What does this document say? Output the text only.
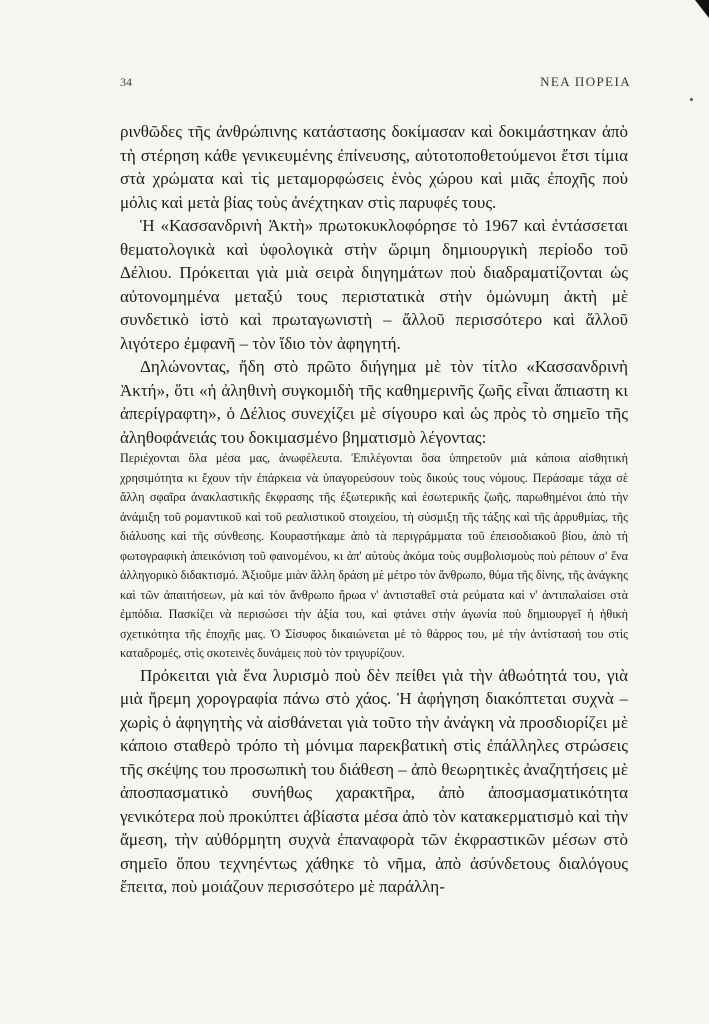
34	ΝΕΑ ΠΟΡΕΙΑ

ρινθῶδες τῆς ἀνθρώπινης κατάστασης δοκίμασαν καὶ δοκιμάστηκαν ἀπὸ τὴ στέρηση κάθε γενικευμένης ἐπίνευσης, αὐτοτοποθετούμενοι ἔτσι τίμια στὰ χρώματα καὶ τὶς μεταμορφώσεις ἑνὸς χώρου καὶ μιᾶς ἐποχῆς ποὺ μόλις καὶ μετὰ βίας τοὺς ἀνέχτηκαν στὶς παρυφές τους.

Ἡ «Κασσανδρινὴ Ἀκτὴ» πρωτοκυκλοφόρησε τὸ 1967 καὶ ἐντάσσεται θεματολογικὰ καὶ ὑφολογικὰ στὴν ὥριμη δημιουργικὴ περίοδο τοῦ Δέλιου. Πρόκειται γιὰ μιὰ σειρὰ διηγημάτων ποὺ διαδραματίζονται ὡς αὐτονομημένα μεταξύ τους περιστατικὰ στὴν ὁμώνυμη ἀκτὴ μὲ συνδετικὸ ἱστὸ καὶ πρωταγωνιστὴ – ἄλλοῦ περισσότερο καὶ ἄλλοῦ λιγότερο ἐμφανῆ – τὸν ἴδιο τὸν ἀφηγητή.

Δηλώνοντας, ἤδη στὸ πρῶτο διήγημα μὲ τὸν τίτλο «Κασσανδρινὴ Ἀκτή», ὅτι «ἡ ἀληθινὴ συγκομιδὴ τῆς καθημερινῆς ζωῆς εἶναι ἄπιαστη κι ἀπερίγραφτη», ὁ Δέλιος συνεχίζει μὲ σίγουρο καὶ ὡς πρὸς τὸ σημεῖο τῆς ἀληθοφάνειάς του δοκιμασμένο βηματισμὸ λέγοντας:

Περιέχονται ὅλα μέσα μας, ἀνωφέλευτα. Ἐπιλέγονται ὅσα ὑπηρετοῦν μιὰ κάποια αἰσθητικὴ χρησιμότητα κι ἔχουν τὴν ἐπάρκεια νὰ ὑπαγορεύσουν τοὺς δικούς τους νόμους. Περάσαμε τάχα σὲ ἄλλη σφαῖρα ἀνακλαστικῆς ἔκφρασης τῆς ἐξωτερικῆς καὶ ἐσωτερικῆς ζωῆς, παρωθημένοι ἀπὸ τὴν ἀνάμιξη τοῦ ρομαντικοῦ καὶ τοῦ ρεαλιστικοῦ στοιχείου, τὴ σύσμιξη τῆς τάξης καὶ τῆς ἀρρυθμίας, τῆς διάλυσης καὶ τῆς σύνθεσης. Κουραστήκαμε ἀπὸ τὰ περιγράμματα τοῦ ἐπεισοδιακοῦ βίου, ἀπὸ τὴ φωτογραφικὴ ἀπεικόνιση τοῦ φαινομένου, κι ἀπ' αὐτοὺς ἀκόμα τοὺς συμβολισμοὺς ποὺ ρέπουν σ' ἕνα ἀλληγορικὸ διδακτισμό. Ἀξιοῦμε μιὰν ἄλλη δράση μὲ μέτρο τὸν ἄνθρωπο, θύμα τῆς δίνης, τῆς ἀνάγκης καὶ τῶν ἀπαιτήσεων, μὰ καὶ τὸν ἄνθρωπο ἥρωα ν' ἀντισταθεῖ στὰ ρεύματα καὶ ν' ἀντιπαλαίσει στὰ ἐμπόδια. Πασκίζει νὰ περισώσει τὴν ἀξία του, καὶ φτάνει στὴν ἀγωνία ποὺ δημιουργεῖ ἡ ἠθικὴ σχετικότητα τῆς ἐποχῆς μας. Ὁ Σίσυφος δικαιώνεται μὲ τὸ θάρρος του, μὲ τὴν ἀντίστασή του στὶς καταδρομές, στὶς σκοτεινὲς δυνάμεις ποὺ τὸν τριγυρίζουν.

Πρόκειται γιὰ ἕνα λυρισμὸ ποὺ δὲν πείθει γιὰ τὴν ἀθωότητά του, γιὰ μιὰ ἤρεμη χορογραφία πάνω στὸ χάος. Ἡ ἀφήγηση διακόπτεται συχνὰ – χωρὶς ὁ ἀφηγητὴς νὰ αἰσθάνεται γιὰ τοῦτο τὴν ἀνάγκη νὰ προσδιορίζει μὲ κάποιο σταθερὸ τρόπο τὴ μόνιμα παρεκβατικὴ στὶς ἐπάλληλες στρώσεις τῆς σκέψης του προσωπικὴ του διάθεση – ἀπὸ θεωρητικὲς ἀναζητήσεις μὲ ἀποσπασματικὸ συνήθως χαρακτῆρα, ἀπὸ ἀποσμασματικότητα γενικότερα ποὺ προκύπτει ἀβίαστα μέσα ἀπὸ τὸν κατακερματισμὸ καὶ τὴν ἄμεση, τὴν αὐθόρμητη συχνὰ ἐπαναφορὰ τῶν ἐκφραστικῶν μέσων στὸ σημεῖο ὅπου τεχνηέντως χάθηκε τὸ νῆμα, ἀπὸ ἀσύνδετους διαλόγους ἔπειτα, ποὺ μοιάζουν περισσότερο μὲ παράλλη-
